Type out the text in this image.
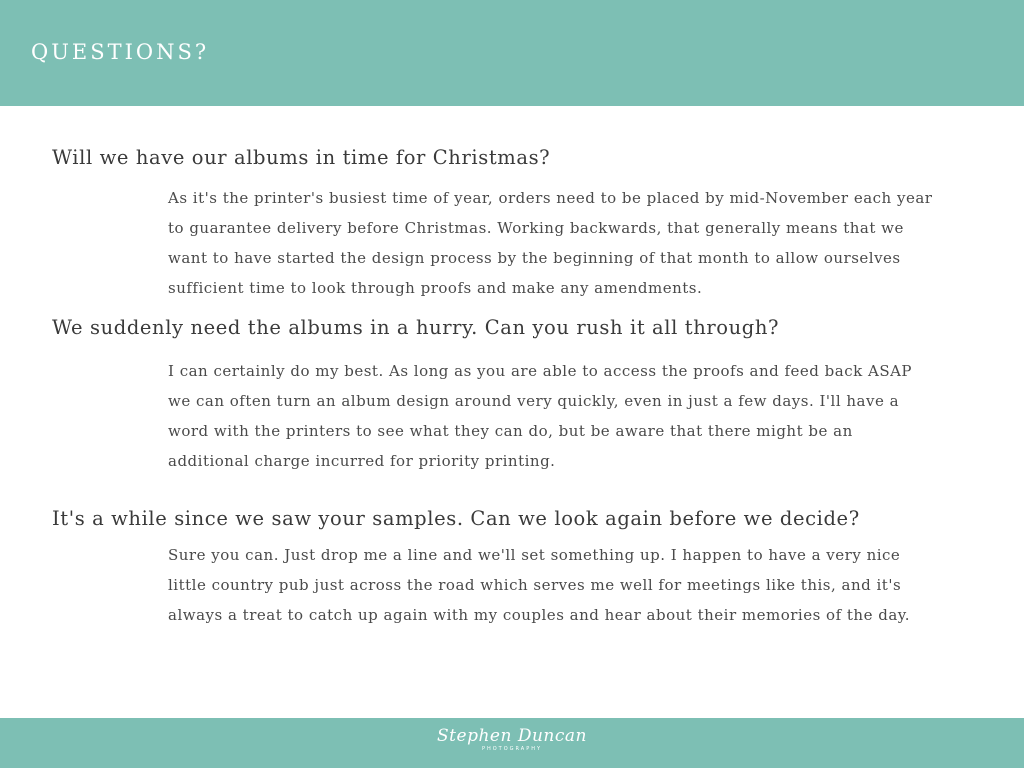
QUESTIONS?
Will we have our albums in time for Christmas?
As it's the printer's busiest time of year, orders need to be placed by mid-November each year to guarantee delivery before Christmas. Working backwards, that generally means that we want to have started the design process by the beginning of that month to allow ourselves sufficient time to look through proofs and make any amendments.
We suddenly need the albums in a hurry. Can you rush it all through?
I can certainly do my best. As long as you are able to access the proofs and feed back ASAP we can often turn an album design around very quickly, even in just a few days. I'll have a word with the printers to see what they can do, but be aware that there might be an additional charge incurred for priority printing.
It's a while since we saw your samples. Can we look again before we decide?
Sure you can. Just drop me a line and we'll set something up. I happen to have a very nice little country pub just across the road which serves me well for meetings like this, and it's always a treat to catch up again with my couples and hear about their memories of the day.
Stephen Duncan
PHOTOGRAPHY
